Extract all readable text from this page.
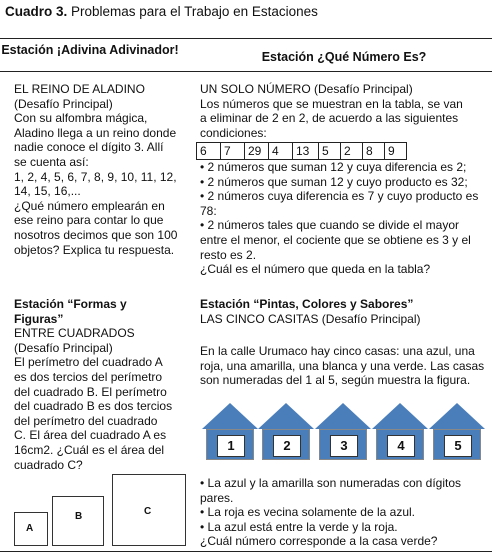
Cuadro 3. Problemas para el Trabajo en Estaciones
Estación ¡Adivina Adivinador!	Estación ¿Qué Número Es?
EL REINO DE ALADINO
(Desafío Principal)
Con su alfombra mágica,
Aladino llega a un reino donde
nadie conoce el dígito 3. Allí
se cuenta así:
1, 2, 4, 5, 6, 7, 8, 9, 10, 11, 12,
14, 15, 16,...
¿Qué número emplearán en
ese reino para contar lo que
nosotros decimos que son 100
objetos? Explica tu respuesta.
UN SOLO NÚMERO (Desafío Principal)
Los números que se muestran en la tabla, se van
a eliminar de 2 en 2, de acuerdo a las siguientes
condiciones:
6	7	29	4	13	5	2	8	9
• 2 números que suman 12 y cuya diferencia es 2;
• 2 números que suman 12 y cuyo producto es 32;
• 2 números cuya diferencia es 7 y cuyo producto es
78:
• 2 números tales que cuando se divide el mayor
entre el menor, el cociente que se obtiene es 3 y el
resto es 2.
¿Cuál es el número que queda en la tabla?
Estación “Formas y
Figuras”
ENTRE CUADRADOS
(Desafío Principal)
El perímetro del cuadrado A
es dos tercios del perímetro
del cuadrado B. El perímetro
del cuadrado B es dos tercios
del perímetro del cuadrado
C. El área del cuadrado A es
16cm2. ¿Cuál es el área del
cuadrado C?
A
B	C
Estación “Pintas, Colores y Sabores”
LAS CINCO CASITAS (Desafío Principal)
En la calle Urumaco hay cinco casas: una azul, una
roja, una amarilla, una blanca y una verde. Las casas
son numeradas del 1 al 5, según muestra la figura.
1	2	3	4	5
• La azul y la amarilla son numeradas con dígitos
pares.
• La roja es vecina solamente de la azul.
• La azul está entre la verde y la roja.
¿Cuál número corresponde a la casa verde?
